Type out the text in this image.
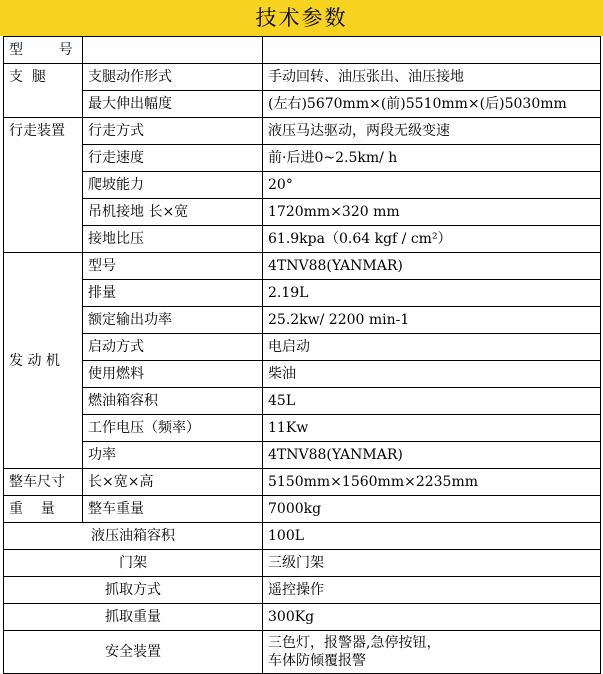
技术参数
型        号		
支  腿	支腿动作形式	手动回转、油压张出、油压接地
	最大伸出幅度	(左右)5670mm×(前)5510mm×(后)5030mm
行走装置	行走方式	液压马达驱动，两段无级变速
	行走速度	前·后进0~2.5km/ h
	爬坡能力	20°
	吊机接地 长×宽	1720mm×320 mm
	接地比压	61.9kpa（0.64 kgf / cm²）
发 动 机	型号	4TNV88(YANMAR)
	排量	2.19L
	额定输出功率	25.2kw/ 2200 min-1
	启动方式	电启动
	使用燃料	柴油
	燃油箱容积	45L
	工作电压（频率）	11Kw
	功率	4TNV88(YANMAR)
整车尺寸	长×宽×高	5150mm×1560mm×2235mm
重    量	整车重量	7000kg
液压油箱容积		100L
门架		三级门架
抓取方式		遥控操作
抓取重量		300Kg
安全装置		三色灯，报警器,急停按钮，
车体防倾覆报警
